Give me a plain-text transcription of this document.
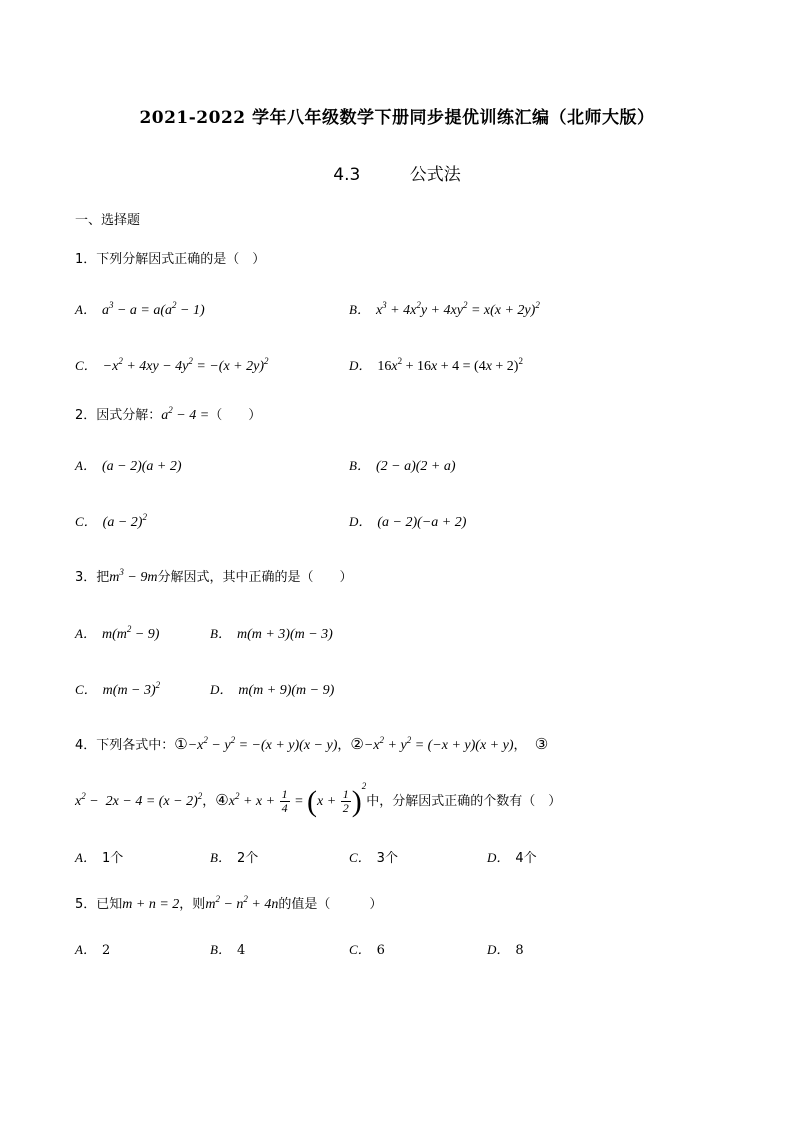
2021-2022 学年八年级数学下册同步提优训练汇编（北师大版）
4.3	公式法
一、选择题
1．下列分解因式正确的是（　）
A． $a^3 - a = a(a^2 - 1)$	B． $x^3 + 4x^2y + 4xy^2 = x(x + 2y)^2$
C． $-x^2 + 4xy - 4y^2 = -(x + 2y)^2$	D． $16x^2 + 16x + 4 = (4x + 2)^2$
2．因式分解：$a^2 - 4$ =（　　）
A． (a − 2)(a + 2)	B． (2 − a)(2 + a)
C． $(a - 2)^2$	D． (a − 2)(−a + 2)
3．把$m^3 - 9m$分解因式，其中正确的是（　　）
A． $m(m^2 - 9)$	B． m(m + 3)(m − 3)
C． $m(m - 3)^2$	D． m(m + 9)(m − 9)
4．下列各式中：$①-x^2 - y^2 = -(x + y)(x - y)$，$②-x^2 + y^2 = (-x + y)(x + y)$，  ③
$x^2 - 2x - 4 = (x - 2)^2$，$④x^2 + x + \frac{1}{4} = (x + \frac{1}{2} )^2$中，分解因式正确的个数有（　）
A． 1个	B． 2个	C． 3个	D． 4个
5．已知m + n = 2，则$m^2 - n^2 + 4n$的值是（　　　）
A． 2	B． 4	C． 6	D． 8
